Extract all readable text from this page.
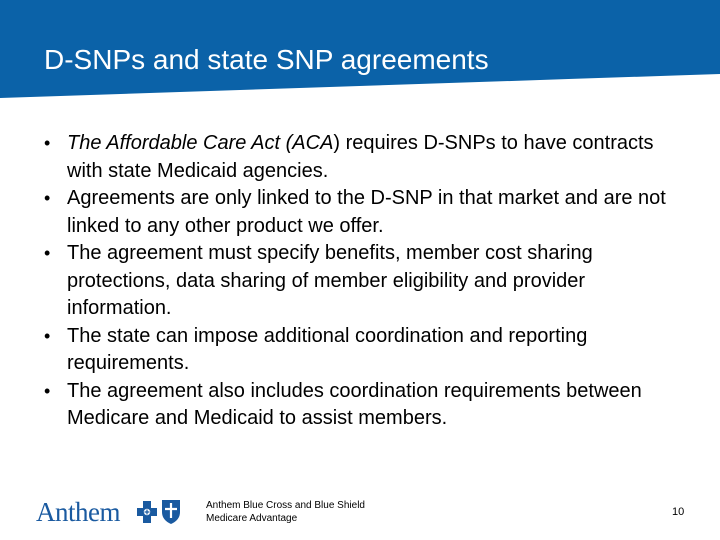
D-SNPs and state SNP agreements
• The Affordable Care Act (ACA) requires D-SNPs to have contracts with state Medicaid agencies.
• Agreements are only linked to the D-SNP in that market and are not linked to any other product we offer.
• The agreement must specify benefits, member cost sharing protections, data sharing of member eligibility and provider information.
• The state can impose additional coordination and reporting requirements.
• The agreement also includes coordination requirements between Medicare and Medicaid to assist members.
Anthem	Anthem Blue Cross and Blue Shield
Medicare Advantage
10
